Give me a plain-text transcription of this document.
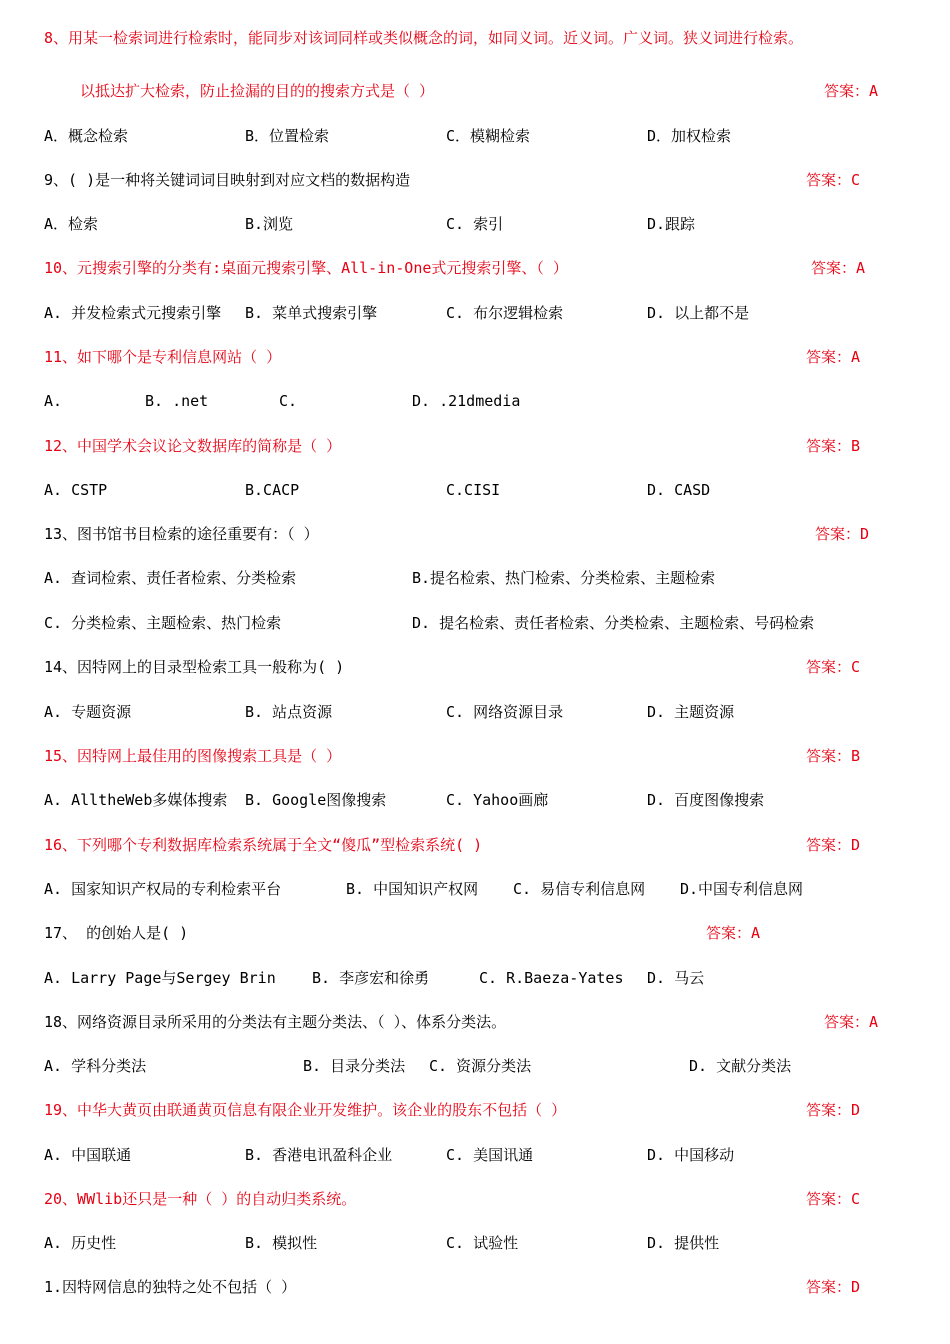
8、用某一检索词进行检索时，能同步对该词同样或类似概念的词，如同义词。近义词。广义词。狭义词进行检索。
以抵达扩大检索，防止捡漏的目的的搜索方式是（ ）	答案：A
A．概念检索	B．位置检索	C．模糊检索	D．加权检索
9、( )是一种将关键词词目映射到对应文档的数据构造	答案：C
A．检索	B.浏览	C. 索引	D.跟踪
10、元搜索引擎的分类有:桌面元搜索引擎、All-in-One式元搜索引擎、（ ）	答案：A
A. 并发检索式元搜索引擎 B. 菜单式搜索引擎	C. 布尔逻辑检索	D. 以上都不是
11、如下哪个是专利信息网站（ ）	答案：A
A.	B. .net	C.	D. .21dmedia
12、中国学术会议论文数据库的简称是（ ）	答案：B
A. CSTP	B.CACP	C.CISI	D. CASD
13、图书馆书目检索的途径重要有：（ ）	答案：D
A. 查词检索、责任者检索、分类检索	B.提名检索、热门检索、分类检索、主题检索
C. 分类检索、主题检索、热门检索	D. 提名检索、责任者检索、分类检索、主题检索、号码检索
14、因特网上的目录型检索工具一般称为( )	答案：C
A. 专题资源	B. 站点资源	C. 网络资源目录	D. 主题资源
15、因特网上最佳用的图像搜索工具是（ ）	答案：B
A. AlltheWeb多媒体搜索 B. Google图像搜索	C. Yahoo画廊	D. 百度图像搜索
16、下列哪个专利数据库检索系统属于全文“傻瓜”型检索系统( )	答案：D
A. 国家知识产权局的专利检索平台	B. 中国知识产权网 C. 易信专利信息网 D.中国专利信息网
17、 的创始人是( )	答案：A
A. Larry Page与Sergey Brin B. 李彦宏和徐勇	C. R.Baeza-Yates D. 马云
18、网络资源目录所采用的分类法有主题分类法、（ ）、体系分类法。	答案：A
A. 学科分类法	B. 目录分类法 C. 资源分类法	D. 文献分类法
19、中华大黄页由联通黄页信息有限企业开发维护。该企业的股东不包括（ ）	答案：D
A. 中国联通	B. 香港电讯盈科企业	C. 美国讯通	D. 中国移动
20、WWlib还只是一种（ ）的自动归类系统。	答案：C
A. 历史性	B. 模拟性	C. 试验性	D. 提供性
1.因特网信息的独特之处不包括（ ）	答案：D
